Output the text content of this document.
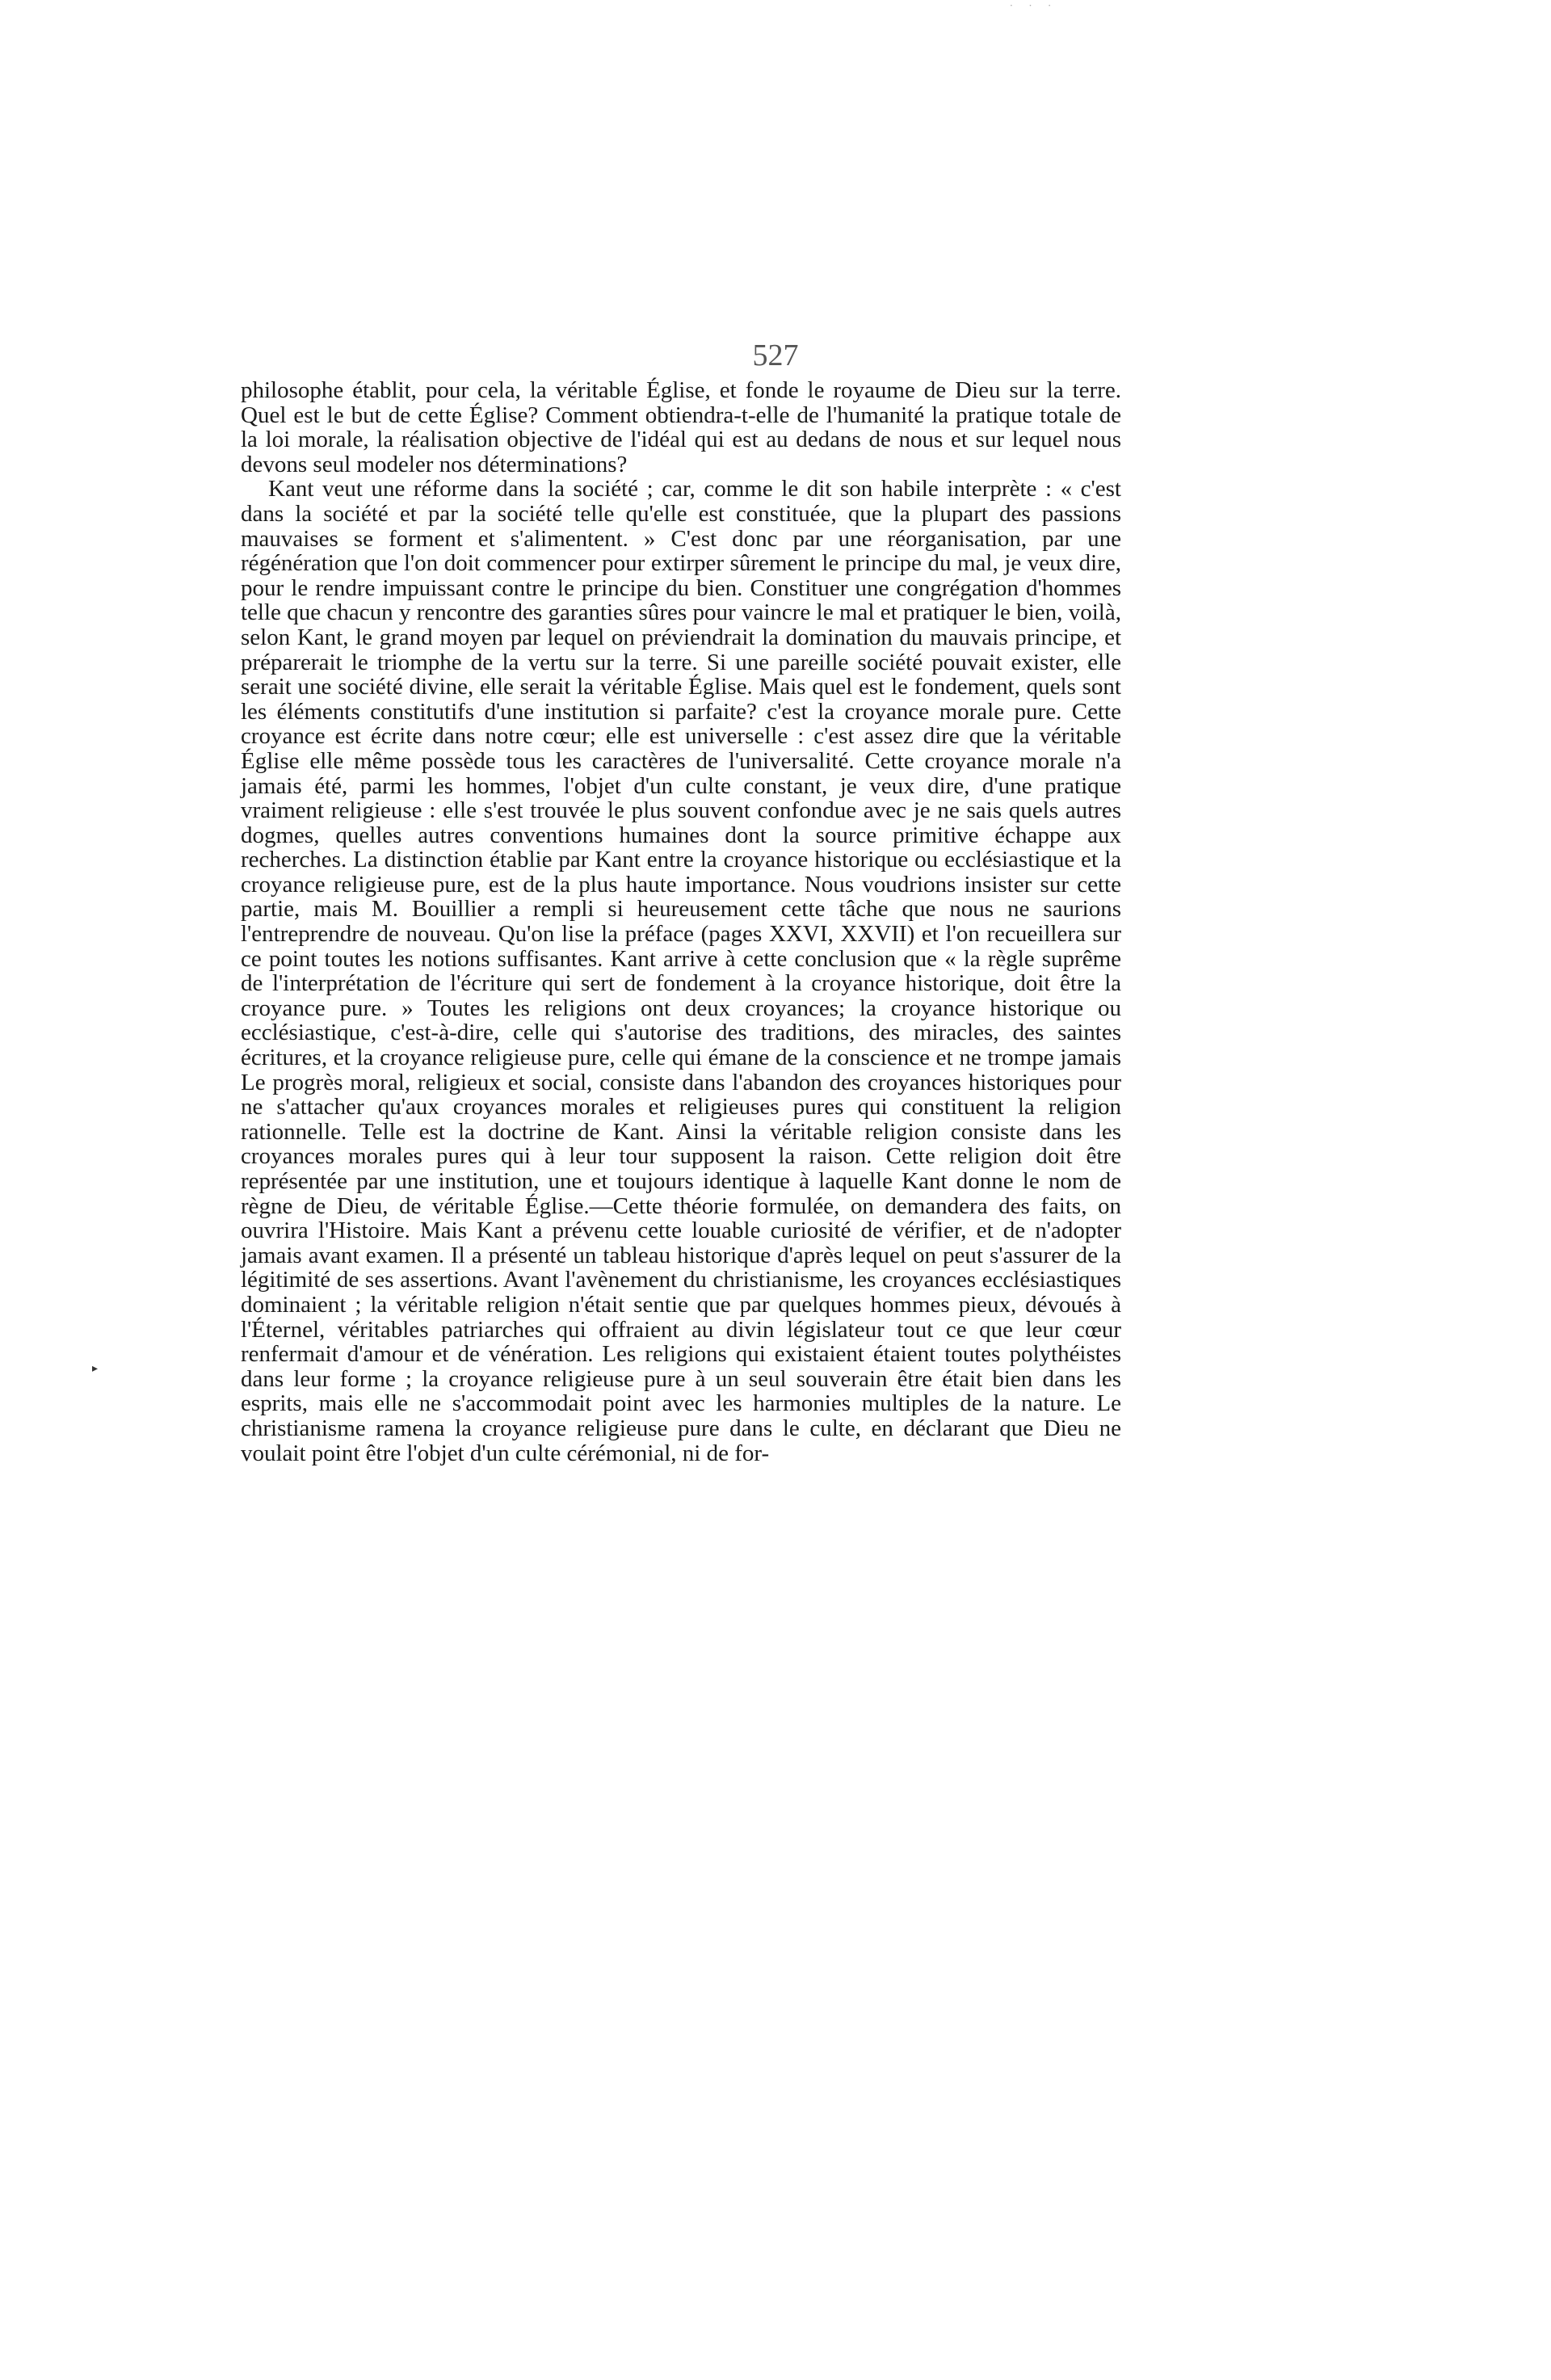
· · ·
527

philosophe établit, pour cela, la véritable Église, et fonde le royaume de Dieu sur la terre. Quel est le but de cette Église? Comment obtiendra-t-elle de l'humanité la pratique totale de la loi morale, la réalisation objective de l'idéal qui est au dedans de nous et sur lequel nous devons seul modeler nos déterminations?

Kant veut une réforme dans la société ; car, comme le dit son habile interprète : « c'est dans la société et par la société telle qu'elle est constituée, que la plupart des passions mauvaises se forment et s'alimentent. » C'est donc par une réorganisation, par une régénération que l'on doit commencer pour extirper sûrement le principe du mal, je veux dire, pour le rendre impuissant contre le principe du bien. Constituer une congrégation d'hommes telle que chacun y rencontre des garanties sûres pour vaincre le mal et pratiquer le bien, voilà, selon Kant, le grand moyen par lequel on préviendrait la domination du mauvais principe, et préparerait le triomphe de la vertu sur la terre. Si une pareille société pouvait exister, elle serait une société divine, elle serait la véritable Église. Mais quel est le fondement, quels sont les éléments constitutifs d'une institution si parfaite? c'est la croyance morale pure. Cette croyance est écrite dans notre cœur; elle est universelle : c'est assez dire que la véritable Église elle même possède tous les caractères de l'universalité. Cette croyance morale n'a jamais été, parmi les hommes, l'objet d'un culte constant, je veux dire, d'une pratique vraiment religieuse : elle s'est trouvée le plus souvent confondue avec je ne sais quels autres dogmes, quelles autres conventions humaines dont la source primitive échappe aux recherches. La distinction établie par Kant entre la croyance historique ou ecclésiastique et la croyance religieuse pure, est de la plus haute importance. Nous voudrions insister sur cette partie, mais M. Bouillier a rempli si heureusement cette tâche que nous ne saurions l'entreprendre de nouveau. Qu'on lise la préface (pages XXVI, XXVII) et l'on recueillera sur ce point toutes les notions suffisantes. Kant arrive à cette conclusion que « la règle suprême de l'interprétation de l'écriture qui sert de fondement à la croyance historique, doit être la croyance pure. » Toutes les religions ont deux croyances; la croyance historique ou ecclésiastique, c'est-à-dire, celle qui s'autorise des traditions, des miracles, des saintes écritures, et la croyance religieuse pure, celle qui émane de la conscience et ne trompe jamais Le progrès moral, religieux et social, consiste dans l'abandon des croyances historiques pour ne s'attacher qu'aux croyances morales et religieuses pures qui constituent la religion rationnelle. Telle est la doctrine de Kant. Ainsi la véritable religion consiste dans les croyances morales pures qui à leur tour supposent la raison. Cette religion doit être représentée par une institution, une et toujours identique à laquelle Kant donne le nom de règne de Dieu, de véritable Église.—Cette théorie formulée, on demandera des faits, on ouvrira l'Histoire. Mais Kant a prévenu cette louable curiosité de vérifier, et de n'adopter jamais avant examen. Il a présenté un tableau historique d'après lequel on peut s'assurer de la légitimité de ses assertions. Avant l'avènement du christianisme, les croyances ecclésiastiques dominaient ; la véritable religion n'était sentie que par quelques hommes pieux, dévoués à l'Éternel, véritables patriarches qui offraient au divin législateur tout ce que leur cœur renfermait d'amour et de vénération. Les religions qui existaient étaient toutes polythéistes dans leur forme ; la croyance religieuse pure à un seul souverain être était bien dans les esprits, mais elle ne s'accommodait point avec les harmonies multiples de la nature. Le christianisme ramena la croyance religieuse pure dans le culte, en déclarant que Dieu ne voulait point être l'objet d'un culte cérémonial, ni de for-

▸
